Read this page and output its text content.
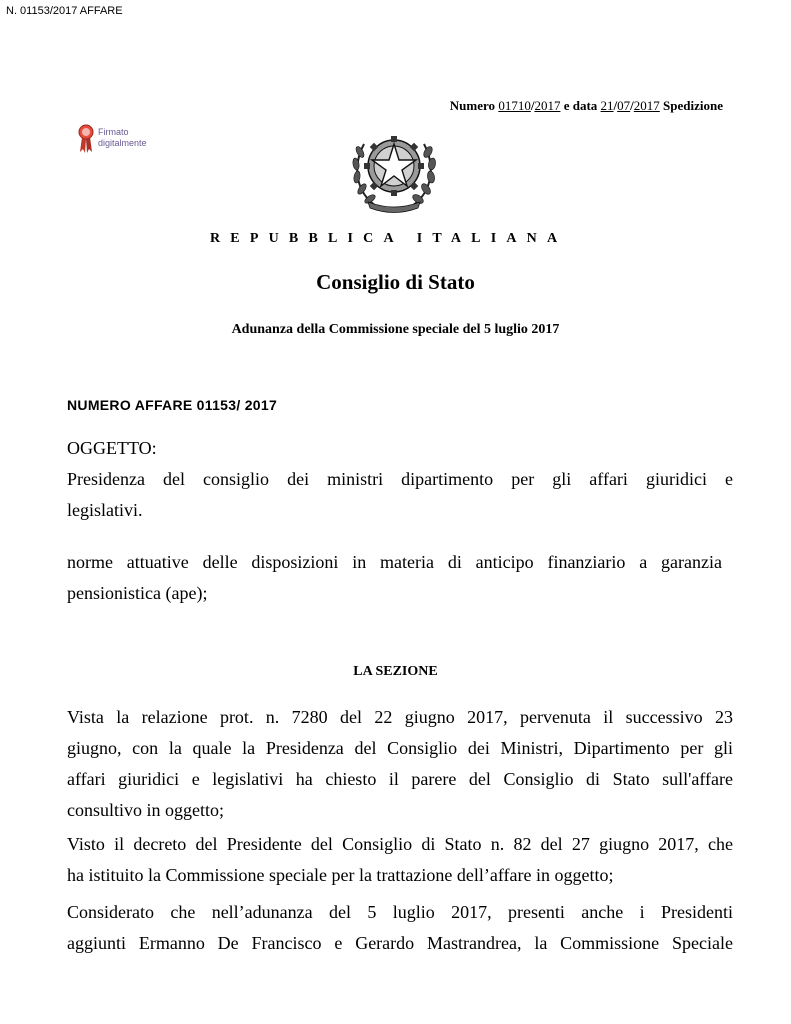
N. 01153/2017 AFFARE
Numero 01710/2017 e data 21/07/2017 Spedizione
Firmato
digitalmente
REPUBBLICA ITALIANA
Consiglio di Stato
Adunanza della Commissione speciale del 5 luglio 2017
NUMERO AFFARE 01153/ 2017
OGGETTO:
Presidenza del consiglio dei ministri dipartimento per gli affari giuridici e
legislativi.
norme attuative delle disposizioni in materia di anticipo finanziario a garanzia
pensionistica (ape);
LA SEZIONE
Vista la relazione prot. n. 7280 del 22 giugno 2017, pervenuta il successivo 23
giugno, con la quale la Presidenza del Consiglio dei Ministri, Dipartimento per gli
affari giuridici e legislativi ha chiesto il parere del Consiglio di Stato sull'affare
consultivo in oggetto;
Visto il decreto del Presidente del Consiglio di Stato n. 82 del 27 giugno 2017, che
ha istituito la Commissione speciale per la trattazione dell’affare in oggetto;
Considerato che nell’adunanza del 5 luglio 2017, presenti anche i Presidenti
aggiunti Ermanno De Francisco e Gerardo Mastrandrea, la Commissione Speciale
